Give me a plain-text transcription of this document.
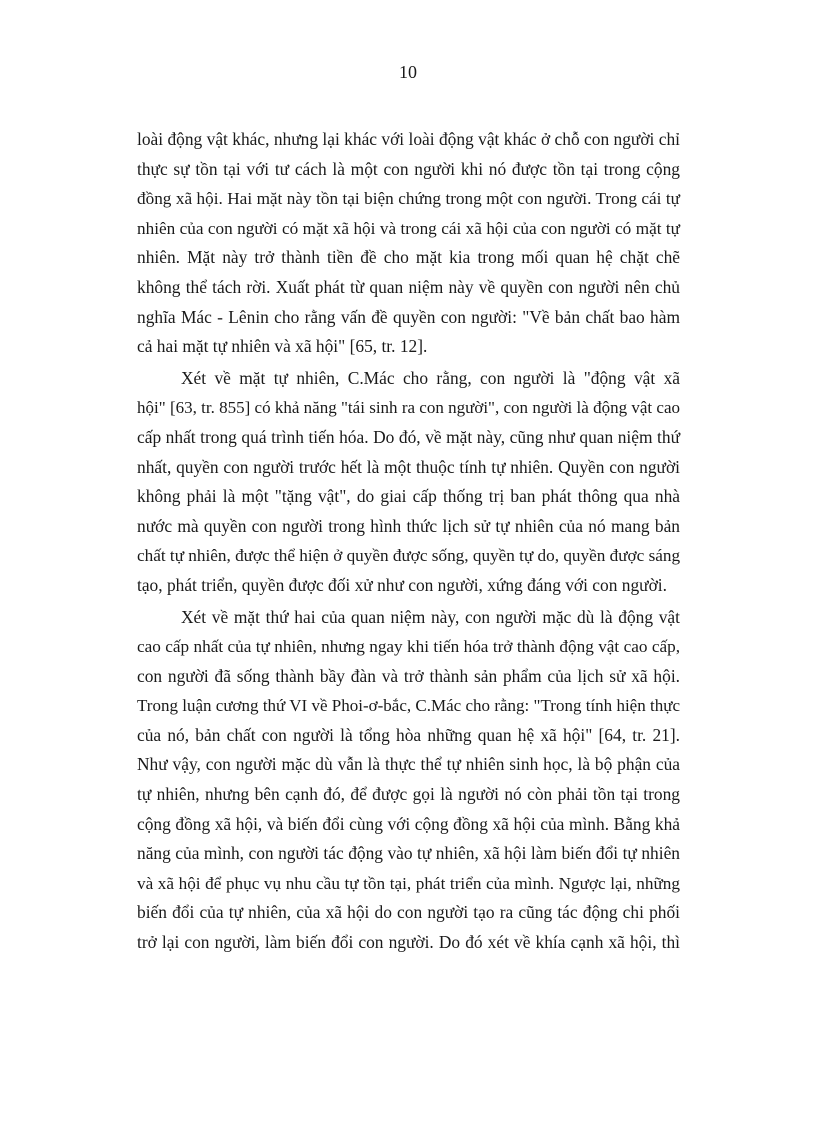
10
loài động vật khác, nhưng lại khác với loài động vật khác ở chỗ con người chỉ
thực sự tồn tại với tư cách là một con người khi nó được tồn tại trong cộng
đồng xã hội. Hai mặt này tồn tại biện chứng trong một con người. Trong cái tự
nhiên của con người có mặt xã hội và trong cái xã hội của con người có mặt tự
nhiên. Mặt này trở thành tiền đề cho mặt kia trong mối quan hệ chặt chẽ
không thể tách rời. Xuất phát từ quan niệm này về quyền con người nên chủ
nghĩa Mác - Lênin cho rằng vấn đề quyền con người: "Về bản chất bao hàm
cả hai mặt tự nhiên và xã hội" [65, tr. 12].
Xét về mặt tự nhiên, C.Mác cho rằng, con người là "động vật xã
hội" [63, tr. 855] có khả năng "tái sinh ra con người", con người là động vật cao
cấp nhất trong quá trình tiến hóa. Do đó, về mặt này, cũng như quan niệm thứ
nhất, quyền con người trước hết là một thuộc tính tự nhiên. Quyền con người
không phải là một "tặng vật", do giai cấp thống trị ban phát thông qua nhà
nước mà quyền con người trong hình thức lịch sử tự nhiên của nó mang bản
chất tự nhiên, được thể hiện ở quyền được sống, quyền tự do, quyền được sáng
tạo, phát triển, quyền được đối xử như con người, xứng đáng với con người.
Xét về mặt thứ hai của quan niệm này, con người mặc dù là động vật
cao cấp nhất của tự nhiên, nhưng ngay khi tiến hóa trở thành động vật cao cấp,
con người đã sống thành bầy đàn và trở thành sản phẩm của lịch sử xã hội.
Trong luận cương thứ VI về Phoi-ơ-bắc, C.Mác cho rằng: "Trong tính hiện thực
của nó, bản chất con người là tổng hòa những quan hệ xã hội" [64, tr. 21].
Như vậy, con người mặc dù vẫn là thực thể tự nhiên sinh học, là bộ phận của
tự nhiên, nhưng bên cạnh đó, để được gọi là người nó còn phải tồn tại trong
cộng đồng xã hội, và biến đổi cùng với cộng đồng xã hội của mình. Bằng khả
năng của mình, con người tác động vào tự nhiên, xã hội làm biến đổi tự nhiên
và xã hội để phục vụ nhu cầu tự tồn tại, phát triển của mình. Ngược lại, những
biến đổi của tự nhiên, của xã hội do con người tạo ra cũng tác động chi phối
trở lại con người, làm biến đổi con người. Do đó xét về khía cạnh xã hội, thì
